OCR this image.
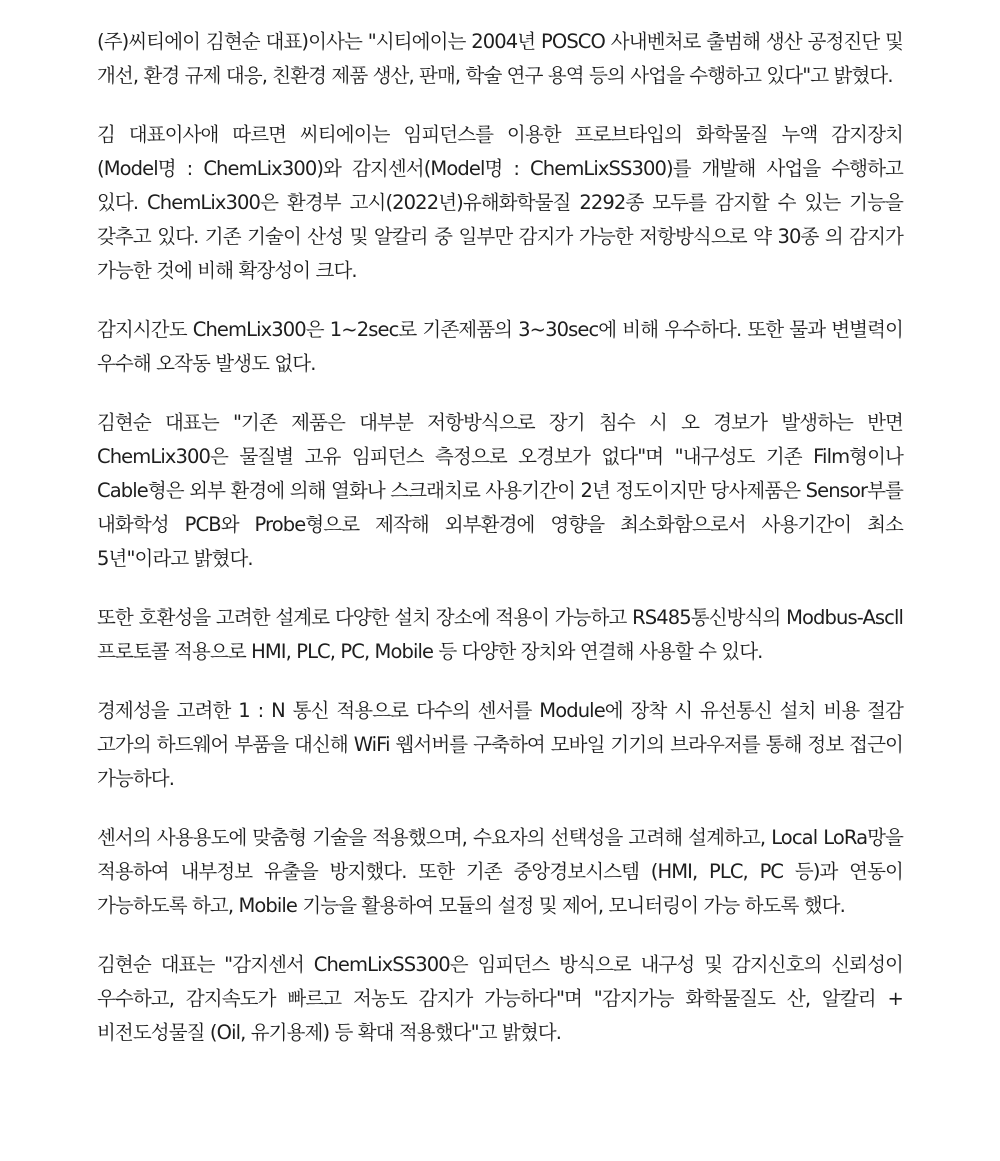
(주)씨티에이 김현순 대표)이사는 "시티에이는 2004년 POSCO 사내벤처로 출범해 생산 공정진단 및 개선, 환경 규제 대응, 친환경 제품 생산, 판매, 학술 연구 용역 등의 사업을 수행하고 있다"고 밝혔다.

김 대표이사애 따르면 씨티에이는 임피던스를 이용한 프로브타입의 화학물질 누액 감지장치 (Model명 : ChemLix300)와 감지센서(Model명 : ChemLixSS300)를 개발해 사업을 수행하고 있다. ChemLix300은 환경부 고시(2022년)유해화학물질 2292종 모두를 감지할 수 있는 기능을 갖추고 있다. 기존 기술이 산성 및 알칼리 중 일부만 감지가 가능한 저항방식으로 약 30종 의 감지가 가능한 것에 비해 확장성이 크다.

감지시간도 ChemLix300은 1~2sec로 기존제품의 3~30sec에 비해 우수하다. 또한 물과 변별력이 우수해 오작동 발생도 없다.

김현순 대표는 "기존 제품은 대부분 저항방식으로 장기 침수 시 오 경보가 발생하는 반면 ChemLix300은 물질별 고유 임피던스 측정으로 오경보가 없다"며 "내구성도 기존 Film형이나 Cable형은 외부 환경에 의해 열화나 스크래치로 사용기간이 2년 정도이지만 당사제품은 Sensor부를 내화학성 PCB와 Probe형으로 제작해 외부환경에 영향을 최소화함으로서 사용기간이 최소 5년"이라고 밝혔다.

또한 호환성을 고려한 설계로 다양한 설치 장소에 적용이 가능하고 RS485통신방식의 Modbus-Ascll 프로토콜 적용으로 HMI, PLC, PC, Mobile 등 다양한 장치와 연결해 사용할 수 있다.

경제성을 고려한 1 : N 통신 적용으로 다수의 센서를 Module에 장착 시 유선통신 설치 비용 절감 고가의 하드웨어 부품을 대신해 WiFi 웹서버를 구축하여 모바일 기기의 브라우저를 통해 정보 접근이 가능하다.

센서의 사용용도에 맞춤형 기술을 적용했으며, 수요자의 선택성을 고려해 설계하고, Local LoRa망을 적용하여 내부정보 유출을 방지했다. 또한 기존 중앙경보시스템 (HMI, PLC, PC 등)과 연동이 가능하도록 하고, Mobile 기능을 활용하여 모듈의 설정 및 제어, 모니터링이 가능 하도록 했다.

김현순 대표는 "감지센서 ChemLixSS300은 임피던스 방식으로 내구성 및 감지신호의 신뢰성이 우수하고, 감지속도가 빠르고 저농도 감지가 가능하다"며 "감지가능 화학물질도 산, 알칼리 + 비전도성물질 (Oil, 유기용제) 등 확대 적용했다"고 밝혔다.
